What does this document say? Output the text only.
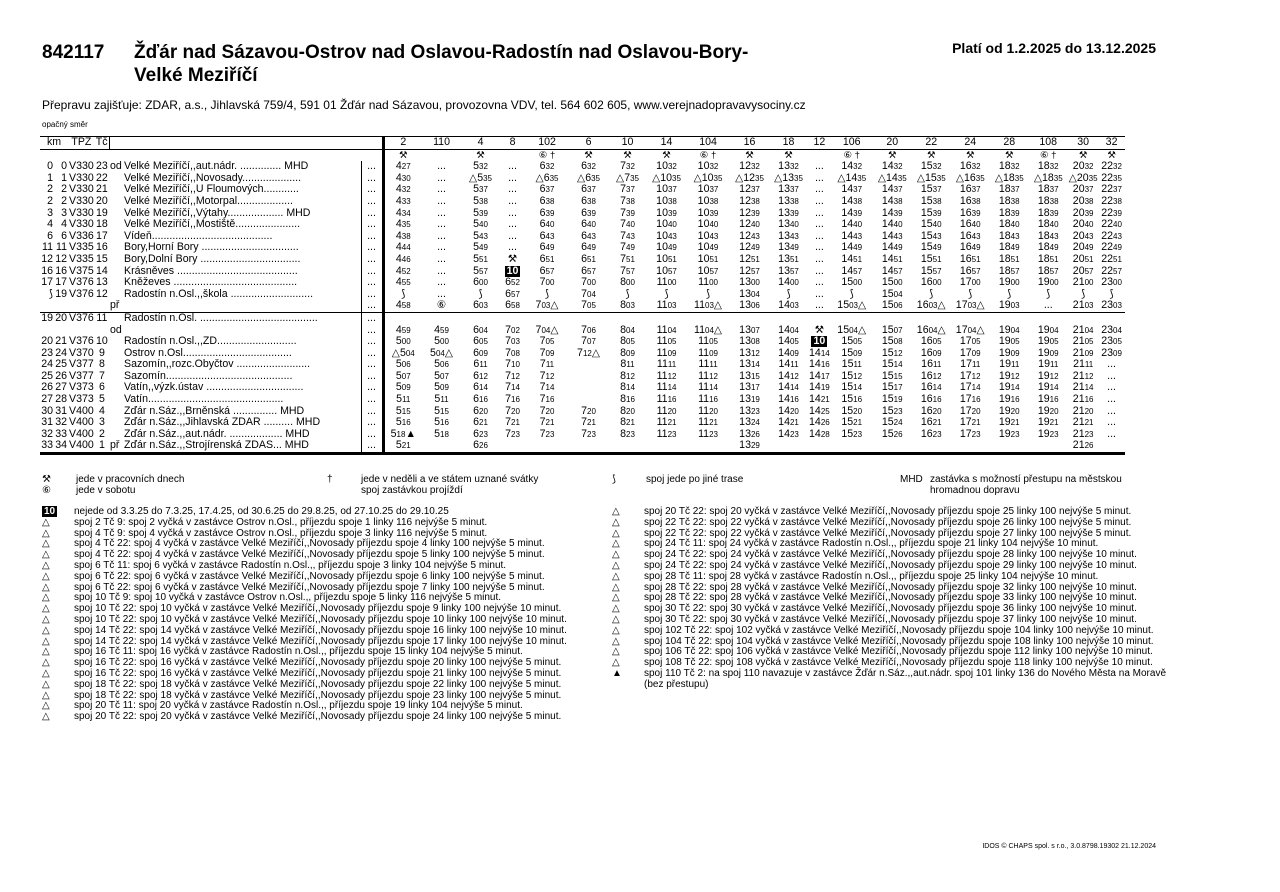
842117 Žďár nad Sázavou-Ostrov nad Oslavou-Radostín nad Oslavou-Bory-
Velké Meziříčí
Platí od 1.2.2025 do 13.12.2025
Přepravu zajišťuje: ZDAR, a.s., Jihlavská 759/4, 591 01 Žďár nad Sázavou, provozovna VDV, tel. 564 602 605, www.verejnadopravavysociny.cz
opačný směr
km		TPZ	Tč				2	110	4	8	102	6	10	14	104	16	18	12	106	20	22	24	28	108	30	32
							⚒		⚒		⑥ †	⚒	⚒	⚒	⑥ †	⚒	⚒		⑥ †	⚒	⚒	⚒	⚒	⑥ †	⚒	⚒
0	0	V330	23	od	Velké Meziříčí,,aut.nádr. .............. MHD	...	427	...	532	...	632	632	732	1032	1032	1232	1332	...	1432	1432	1532	1632	1832	1832	2032	2232
1	1	V330	22		Velké Meziříčí,,Novosady....................	...	430	...	△535	...	△635	△635	△735	△1035	△1035	△1235	△1335	...	△1435	△1435	△1535	△1635	△1835	△1835	△2035	2235
2	2	V330	21		Velké Meziříčí,,U Floumových............	...	432	...	537	...	637	637	737	1037	1037	1237	1337	...	1437	1437	1537	1637	1837	1837	2037	2237
2	2	V330	20		Velké Meziříčí,,Motorpal...................	...	433	...	538	...	638	638	738	1038	1038	1238	1338	...	1438	1438	1538	1638	1838	1838	2038	2238
3	3	V330	19		Velké Meziříčí,,Výtahy................... MHD	...	434	...	539	...	639	639	739	1039	1039	1239	1339	...	1439	1439	1539	1639	1839	1839	2039	2239
4	4	V330	18		Velké Meziříčí,,Mostiště......................	...	435	...	540	...	640	640	740	1040	1040	1240	1340	...	1440	1440	1540	1640	1840	1840	2040	2240
6	6	V336	17		Vídeň.........................................	...	438	...	543	...	643	643	743	1043	1043	1243	1343	...	1443	1443	1543	1643	1843	1843	2043	2243
11	11	V335	16		Bory,Horní Bory .................................	...	444	...	549	...	649	649	749	1049	1049	1249	1349	...	1449	1449	1549	1649	1849	1849	2049	2249
12	12	V335	15		Bory,Dolní Bory ..................................	...	446	...	551	⚒	651	651	751	1051	1051	1251	1351	...	1451	1451	1551	1651	1851	1851	2051	2251
16	16	V375	14		Krásněves .........................................	...	452	...	557	10	657	657	757	1057	1057	1257	1357	...	1457	1457	1557	1657	1857	1857	2057	2257
17	17	V376	13		Kněževes ..........................................	...	455	...	600	652	700	700	800	1100	1100	1300	1400	...	1500	1500	1600	1700	1900	1900	2100	2300
⟆	19	V376	12		Radostín n.Osl.,,škola ............................	...	⟆	...	⟆	657	⟆	704	⟆	⟆	⟆	1304	⟆	...	⟆	1504	⟆	⟆	⟆	⟆	⟆	⟆
				př		...	458	⑥	603	658	703△	705	803	1103	1103△	1306	1403	...	1503△	1506	1603△	1703△	1903	...	2103	2303
19	20	V376	11		Radostín n.Osl. ........................................	...																				
				od		...	459	459	604	702	704△	706	804	1104	1104△	1307	1404	⚒	1504△	1507	1604△	1704△	1904	1904	2104	2304
20	21	V376	10		Radostín n.Osl.,,ZD...........................	...	500	500	605	703	705	707	805	1105	1105	1308	1405	10	1505	1508	1605	1705	1905	1905	2105	2305
23	24	V370	9		Ostrov n.Osl.....................................	...	△504	504△	609	708	709	712△	809	1109	1109	1312	1409	1414	1509	1512	1609	1709	1909	1909	2109	2309
24	25	V377	8		Sazomín,,rozc.Obyčtov .........................	...	506	506	611	710	711		811	1111	1111	1314	1411	1416	1511	1514	1611	1711	1911	1911	2111	...
25	26	V377	7		Sazomín...........................................	...	507	507	612	712	712		812	1112	1112	1315	1412	1417	1512	1515	1612	1712	1912	1912	2112	...
26	27	V373	6		Vatín,,výzk.ústav .................................	...	509	509	614	714	714		814	1114	1114	1317	1414	1419	1514	1517	1614	1714	1914	1914	2114	...
27	28	V373	5		Vatín..............................................	...	511	511	616	716	716		816	1116	1116	1319	1416	1421	1516	1519	1616	1716	1916	1916	2116	...
30	31	V400	4		Žďár n.Sáz.,,Brněnská ............... MHD	...	515	515	620	720	720	720	820	1120	1120	1323	1420	1425	1520	1523	1620	1720	1920	1920	2120	...
31	32	V400	3		Žďár n.Sáz.,,Jihlavská ZDAR .......... MHD	...	516	516	621	721	721	721	821	1121	1121	1324	1421	1426	1521	1524	1621	1721	1921	1921	2121	...
32	33	V400	2		Žďár n.Sáz.,,aut.nádr. .................. MHD	...	518▲	518	623	723	723	723	823	1123	1123	1326	1423	1428	1523	1526	1623	1723	1923	1923	2123	...
33	34	V400	1	př	Žďár n.Sáz.,,Strojírenská ŽDAS... MHD	...	521		626							1329									2126	
⚒	jede v pracovních dnech
⑥	jede v sobotu
†	jede v neděli a ve státem uznané svátky
spoj zastávkou projíždí
⟆	spoj jede po jiné trase	MHD zastávka s možností přestupu na městskou hromadnou dopravu
10	nejede od 3.3.25 do 7.3.25, 17.4.25, od 30.6.25 do 29.8.25, od 27.10.25 do 29.10.25
△	spoj 2 Tč 9: spoj 2 vyčká v zastávce Ostrov n.Osl., příjezdu spoje 1 linky 116 nejvýše 5 minut.
△	spoj 4 Tč 9: spoj 4 vyčká v zastávce Ostrov n.Osl., příjezdu spoje 3 linky 116 nejvýše 5 minut.
△	spoj 4 Tč 22: spoj 4 vyčká v zastávce Velké Meziříčí,,Novosady příjezdu spoje 4 linky 100 nejvýše 5 minut.
△	spoj 4 Tč 22: spoj 4 vyčká v zastávce Velké Meziříčí,,Novosady příjezdu spoje 5 linky 100 nejvýše 5 minut.
△	spoj 6 Tč 11: spoj 6 vyčká v zastávce Radostín n.Osl.,, příjezdu spoje 3 linky 104 nejvýše 5 minut.
△	spoj 6 Tč 22: spoj 6 vyčká v zastávce Velké Meziříčí,,Novosady příjezdu spoje 6 linky 100 nejvýše 5 minut.
△	spoj 6 Tč 22: spoj 6 vyčká v zastávce Velké Meziříčí,,Novosady příjezdu spoje 7 linky 100 nejvýše 5 minut.
△	spoj 10 Tč 9: spoj 10 vyčká v zastávce Ostrov n.Osl.,, příjezdu spoje 5 linky 116 nejvýše 5 minut.
△	spoj 10 Tč 22: spoj 10 vyčká v zastávce Velké Meziříčí,,Novosady příjezdu spoje 9 linky 100 nejvýše 10 minut.
△	spoj 10 Tč 22: spoj 10 vyčká v zastávce Velké Meziříčí,,Novosady příjezdu spoje 10 linky 100 nejvýše 10 minut.
△	spoj 14 Tč 22: spoj 14 vyčká v zastávce Velké Meziříčí,,Novosady příjezdu spoje 16 linky 100 nejvýše 10 minut.
△	spoj 14 Tč 22: spoj 14 vyčká v zastávce Velké Meziříčí,,Novosady příjezdu spoje 17 linky 100 nejvýše 10 minut.
△	spoj 16 Tč 11: spoj 16 vyčká v zastávce Radostín n.Osl.,, příjezdu spoje 15 linky 104 nejvýše 5 minut.
△	spoj 16 Tč 22: spoj 16 vyčká v zastávce Velké Meziříčí,,Novosady příjezdu spoje 20 linky 100 nejvýše 5 minut.
△	spoj 16 Tč 22: spoj 16 vyčká v zastávce Velké Meziříčí,,Novosady příjezdu spoje 21 linky 100 nejvýše 5 minut.
△	spoj 18 Tč 22: spoj 18 vyčká v zastávce Velké Meziříčí,,Novosady příjezdu spoje 22 linky 100 nejvýše 5 minut.
△	spoj 18 Tč 22: spoj 18 vyčká v zastávce Velké Meziříčí,,Novosady příjezdu spoje 23 linky 100 nejvýše 5 minut.
△	spoj 20 Tč 11: spoj 20 vyčká v zastávce Radostín n.Osl.,, příjezdu spoje 19 linky 104 nejvýše 5 minut.
△	spoj 20 Tč 22: spoj 20 vyčká v zastávce Velké Meziříčí,,Novosady příjezdu spoje 24 linky 100 nejvýše 5 minut.
△	spoj 20 Tč 22: spoj 20 vyčká v zastávce Velké Meziříčí,,Novosady příjezdu spoje 25 linky 100 nejvýše 5 minut.
△	spoj 22 Tč 22: spoj 22 vyčká v zastávce Velké Meziříčí,,Novosady příjezdu spoje 26 linky 100 nejvýše 5 minut.
△	spoj 22 Tč 22: spoj 22 vyčká v zastávce Velké Meziříčí,,Novosady příjezdu spoje 27 linky 100 nejvýše 5 minut.
△	spoj 24 Tč 11: spoj 24 vyčká v zastávce Radostín n.Osl.,, příjezdu spoje 21 linky 104 nejvýše 10 minut.
△	spoj 24 Tč 22: spoj 24 vyčká v zastávce Velké Meziříčí,,Novosady příjezdu spoje 28 linky 100 nejvýše 10 minut.
△	spoj 24 Tč 22: spoj 24 vyčká v zastávce Velké Meziříčí,,Novosady příjezdu spoje 29 linky 100 nejvýše 10 minut.
△	spoj 28 Tč 11: spoj 28 vyčká v zastávce Radostín n.Osl.,, příjezdu spoje 25 linky 104 nejvýše 10 minut.
△	spoj 28 Tč 22: spoj 28 vyčká v zastávce Velké Meziříčí,,Novosady příjezdu spoje 32 linky 100 nejvýše 10 minut.
△	spoj 28 Tč 22: spoj 28 vyčká v zastávce Velké Meziříčí,,Novosady příjezdu spoje 33 linky 100 nejvýše 10 minut.
△	spoj 30 Tč 22: spoj 30 vyčká v zastávce Velké Meziříčí,,Novosady příjezdu spoje 36 linky 100 nejvýše 10 minut.
△	spoj 30 Tč 22: spoj 30 vyčká v zastávce Velké Meziříčí,,Novosady příjezdu spoje 37 linky 100 nejvýše 10 minut.
△	spoj 102 Tč 22: spoj 102 vyčká v zastávce Velké Meziříčí,,Novosady příjezdu spoje 104 linky 100 nejvýše 10 minut.
△	spoj 104 Tč 22: spoj 104 vyčká v zastávce Velké Meziříčí,,Novosady příjezdu spoje 108 linky 100 nejvýše 10 minut.
△	spoj 106 Tč 22: spoj 106 vyčká v zastávce Velké Meziříčí,,Novosady příjezdu spoje 112 linky 100 nejvýše 10 minut.
△	spoj 108 Tč 22: spoj 108 vyčká v zastávce Velké Meziříčí,,Novosady příjezdu spoje 118 linky 100 nejvýše 10 minut.
▲	spoj 110 Tč 2: na spoj 110 navazuje v zastávce Žďár n.Sáz.,,aut.nádr. spoj 101 linky 136 do Nového Města na Moravě (bez přestupu)
IDOS © CHAPS spol. s r.o., 3.0.8798.19302 21.12.2024
